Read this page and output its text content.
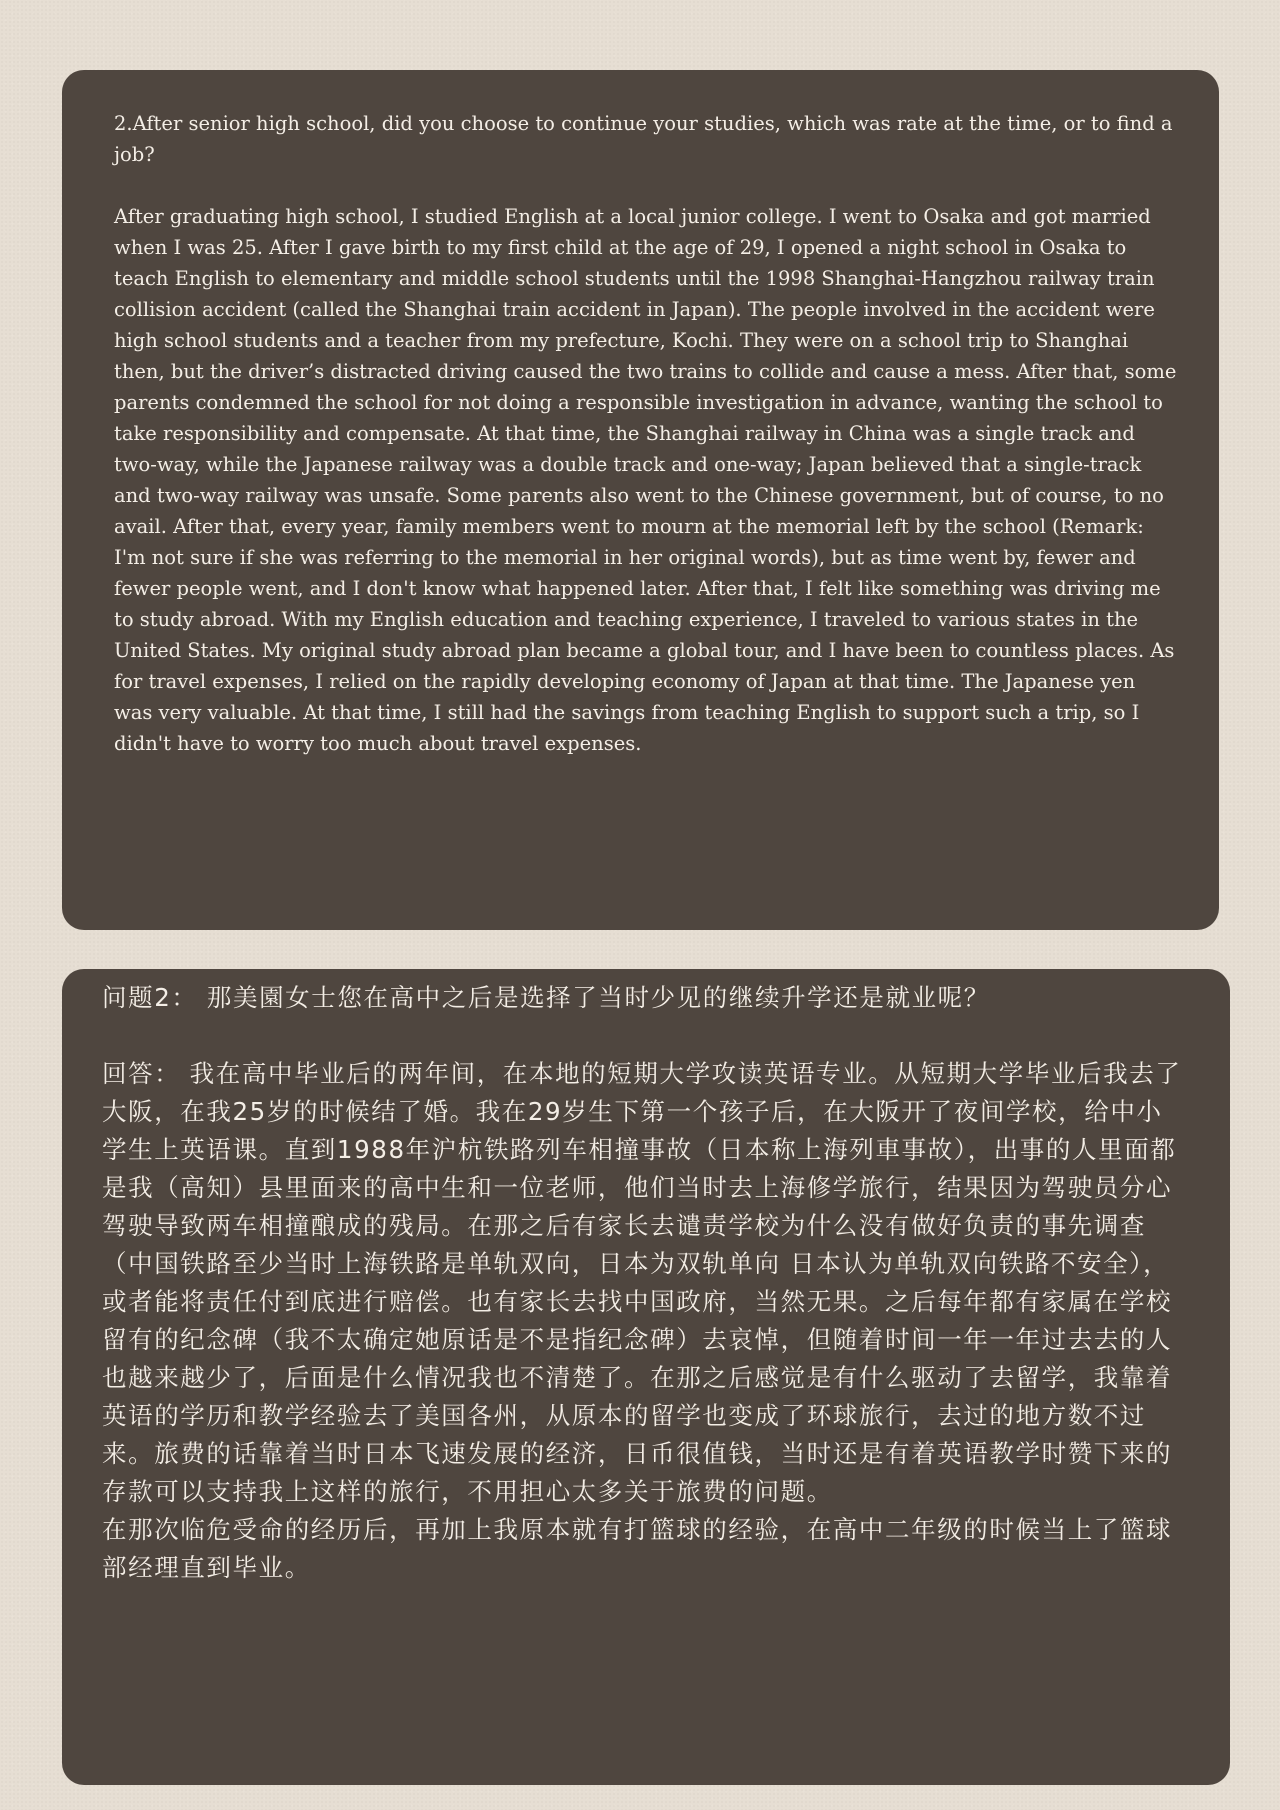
2.After senior high school, did you choose to continue your studies, which was rate at the time, or to find a job?

After graduating high school, I studied English at a local junior college. I went to Osaka and got married when I was 25. After I gave birth to my first child at the age of 29, I opened a night school in Osaka to teach English to elementary and middle school students until the 1998 Shanghai-Hangzhou railway train collision accident (called the Shanghai train accident in Japan). The people involved in the accident were high school students and a teacher from my prefecture, Kochi. They were on a school trip to Shanghai then, but the driver’s distracted driving caused the two trains to collide and cause a mess. After that, some parents condemned the school for not doing a responsible investigation in advance, wanting the school to take responsibility and compensate. At that time, the Shanghai railway in China was a single track and two-way, while the Japanese railway was a double track and one-way; Japan believed that a single-track and two-way railway was unsafe. Some parents also went to the Chinese government, but of course, to no avail. After that, every year, family members went to mourn at the memorial left by the school (Remark: I'm not sure if she was referring to the memorial in her original words), but as time went by, fewer and fewer people went, and I don't know what happened later. After that, I felt like something was driving me to study abroad. With my English education and teaching experience, I traveled to various states in the United States. My original study abroad plan became a global tour, and I have been to countless places. As for travel expenses, I relied on the rapidly developing economy of Japan at that time. The Japanese yen was very valuable. At that time, I still had the savings from teaching English to support such a trip, so I didn't have to worry too much about travel expenses.

问题2： 那美園女士您在高中之后是选择了当时少见的继续升学还是就业呢？

回答： 我在高中毕业后的两年间，在本地的短期大学攻读英语专业。从短期大学毕业后我去了大阪，在我25岁的时候结了婚。我在29岁生下第一个孩子后，在大阪开了夜间学校，给中小学生上英语课。直到1988年沪杭铁路列车相撞事故（日本称上海列車事故），出事的人里面都是我（高知）县里面来的高中生和一位老师，他们当时去上海修学旅行，结果因为驾驶员分心驾驶导致两车相撞酿成的残局。在那之后有家长去谴责学校为什么没有做好负责的事先调查（中国铁路至少当时上海铁路是单轨双向，日本为双轨单向 日本认为单轨双向铁路不安全），或者能将责任付到底进行赔偿。也有家长去找中国政府，当然无果。之后每年都有家属在学校留有的纪念碑（我不太确定她原话是不是指纪念碑）去哀悼，但随着时间一年一年过去去的人也越来越少了，后面是什么情况我也不清楚了。在那之后感觉是有什么驱动了去留学，我靠着英语的学历和教学经验去了美国各州，从原本的留学也变成了环球旅行，去过的地方数不过来。旅费的话靠着当时日本飞速发展的经济，日币很值钱，当时还是有着英语教学时赞下来的存款可以支持我上这样的旅行，不用担心太多关于旅费的问题。

在那次临危受命的经历后，再加上我原本就有打篮球的经验，在高中二年级的时候当上了篮球部经理直到毕业。
